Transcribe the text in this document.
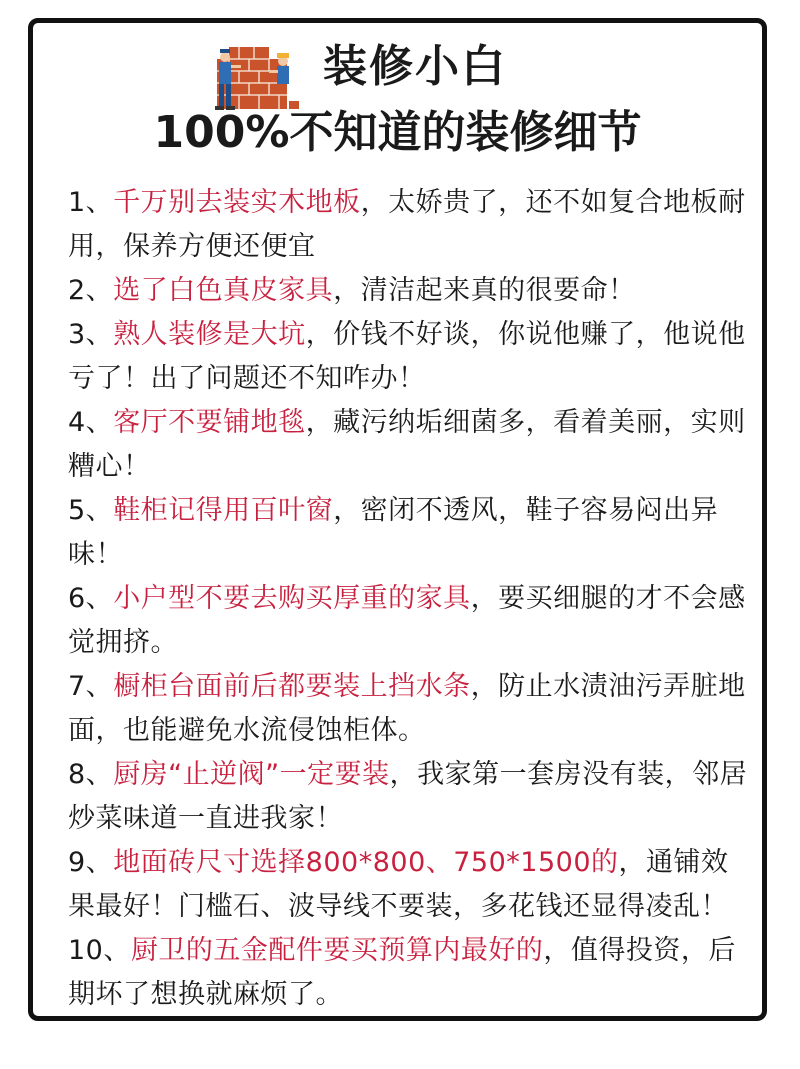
装修小白
100%不知道的装修细节
1、千万别去装实木地板，太娇贵了，还不如复合地板耐用，保养方便还便宜
2、选了白色真皮家具，清洁起来真的很要命！
3、熟人装修是大坑，价钱不好谈，你说他赚了，他说他亏了！出了问题还不知咋办！
4、客厅不要铺地毯，藏污纳垢细菌多，看着美丽，实则糟心！
5、鞋柜记得用百叶窗，密闭不透风，鞋子容易闷出异味！
6、小户型不要去购买厚重的家具，要买细腿的才不会感觉拥挤。
7、橱柜台面前后都要装上挡水条，防止水渍油污弄脏地面，也能避免水流侵蚀柜体。
8、厨房“止逆阀”一定要装，我家第一套房没有装，邻居炒菜味道一直进我家！
9、地面砖尺寸选择800*800、750*1500的，通铺效果最好！门槛石、波导线不要装，多花钱还显得凌乱！
10、厨卫的五金配件要买预算内最好的，值得投资，后期坏了想换就麻烦了。
